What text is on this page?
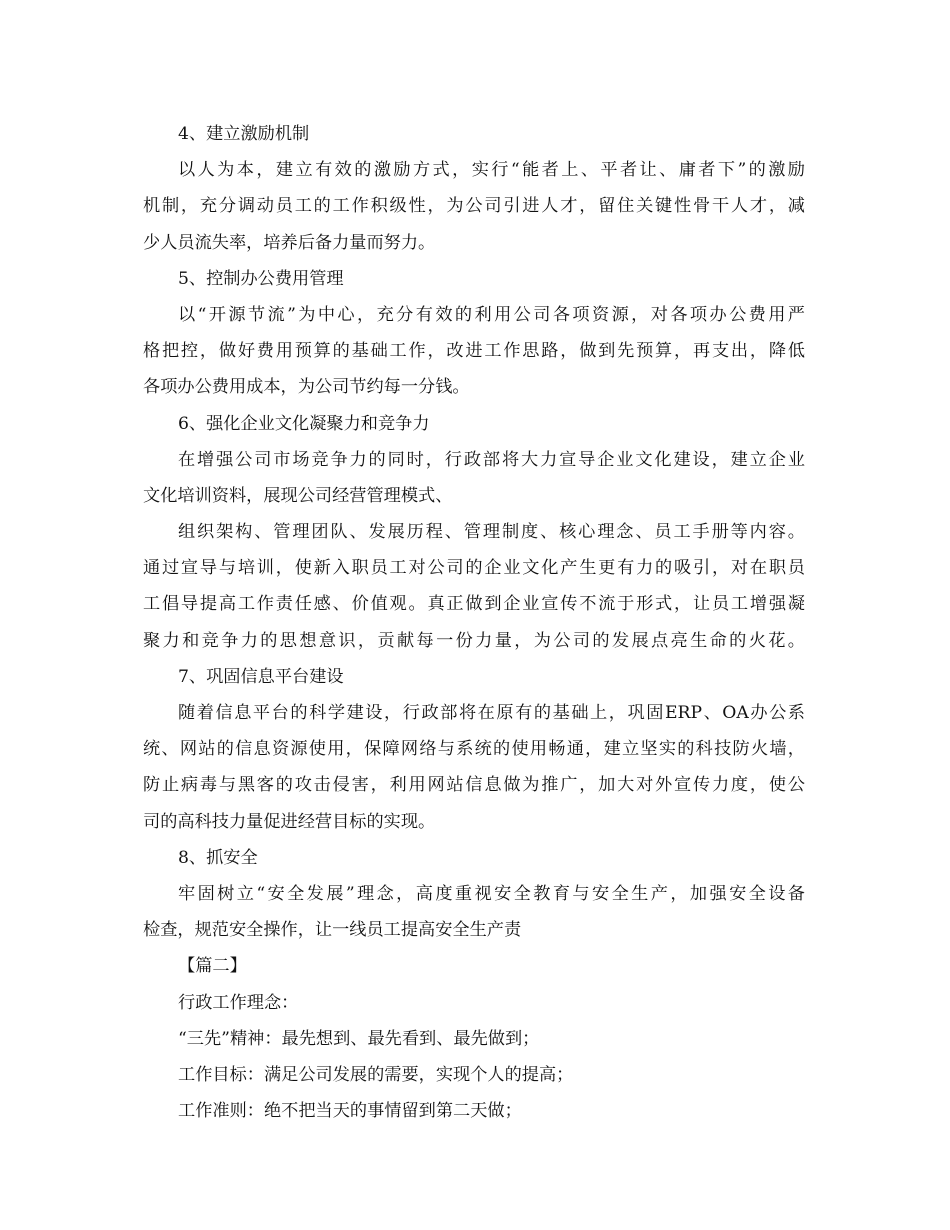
4、建立激励机制
以人为本，建立有效的激励方式，实行“能者上、平者让、庸者下”的激励
机制，充分调动员工的工作积级性，为公司引进人才，留住关键性骨干人才，减
少人员流失率，培养后备力量而努力。
5、控制办公费用管理
以“开源节流”为中心，充分有效的利用公司各项资源，对各项办公费用严
格把控，做好费用预算的基础工作，改进工作思路，做到先预算，再支出，降低
各项办公费用成本，为公司节约每一分钱。
6、强化企业文化凝聚力和竞争力
在增强公司市场竞争力的同时，行政部将大力宣导企业文化建设，建立企业
文化培训资料，展现公司经营管理模式、
组织架构、管理团队、发展历程、管理制度、核心理念、员工手册等内容。
通过宣导与培训，使新入职员工对公司的企业文化产生更有力的吸引，对在职员
工倡导提高工作责任感、价值观。真正做到企业宣传不流于形式，让员工增强凝
聚力和竞争力的思想意识，贡献每一份力量，为公司的发展点亮生命的火花。
7、巩固信息平台建设
随着信息平台的科学建设，行政部将在原有的基础上，巩固ERP、OA办公系
统、网站的信息资源使用，保障网络与系统的使用畅通，建立坚实的科技防火墙，
防止病毒与黑客的攻击侵害，利用网站信息做为推广，加大对外宣传力度，使公
司的高科技力量促进经营目标的实现。
8、抓安全
牢固树立“安全发展”理念，高度重视安全教育与安全生产，加强安全设备
检查，规范安全操作，让一线员工提高安全生产责
【篇二】
行政工作理念：
“三先”精神：最先想到、最先看到、最先做到；
工作目标：满足公司发展的需要，实现个人的提高；
工作准则：绝不把当天的事情留到第二天做；
